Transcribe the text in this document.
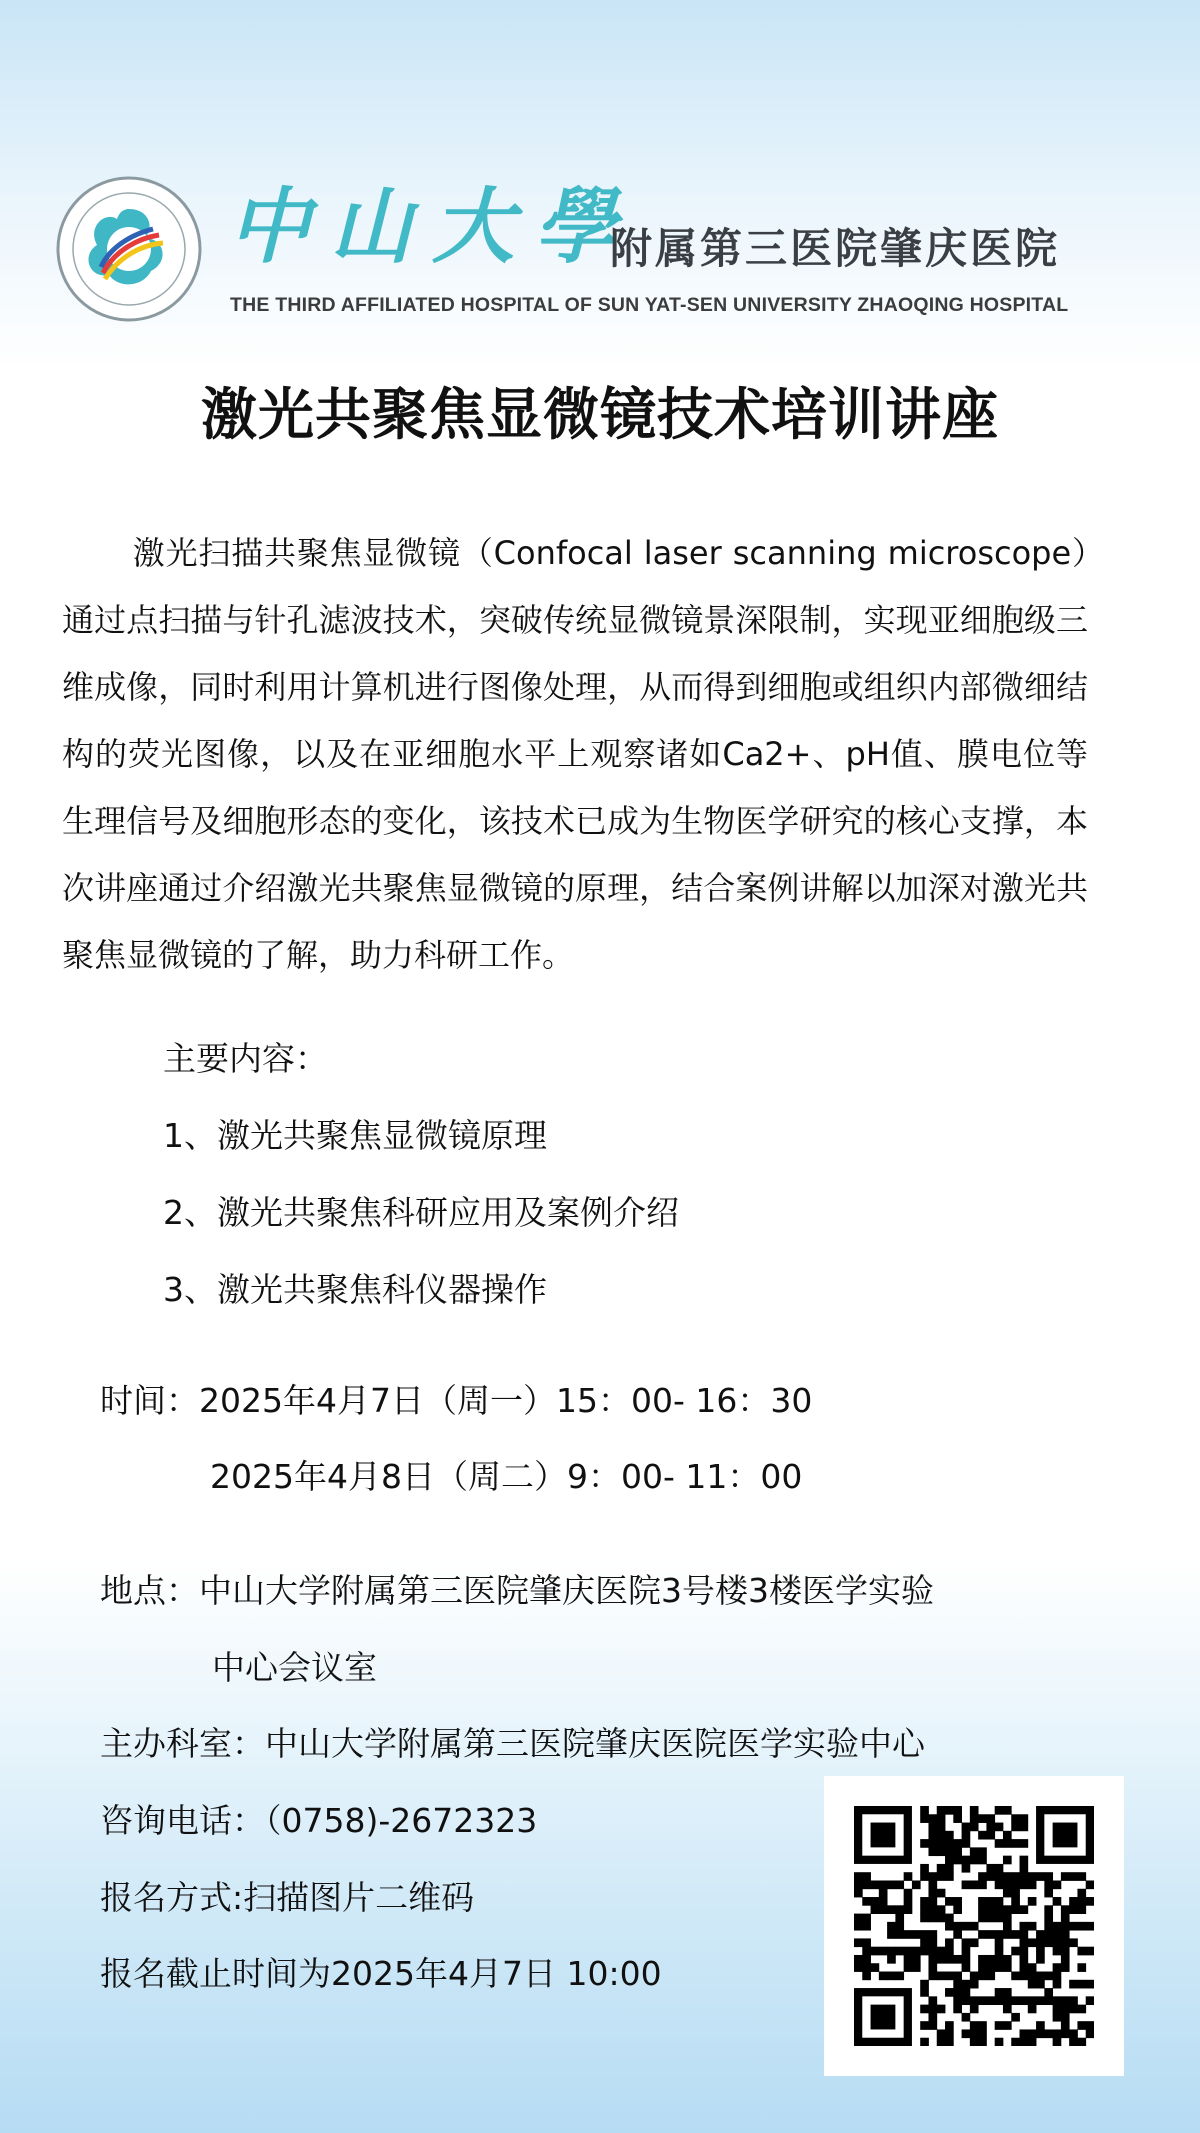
中山大學
附属第三医院肇庆医院
THE THIRD AFFILIATED HOSPITAL OF SUN YAT-SEN UNIVERSITY ZHAOQING HOSPITAL
激光共聚焦显微镜技术培训讲座
激光扫描共聚焦显微镜（Confocal laser scanning microscope）通过点扫描与针孔滤波技术，突破传统显微镜景深限制，实现亚细胞级三维成像，同时利用计算机进行图像处理，从而得到细胞或组织内部微细结构的荧光图像，以及在亚细胞水平上观察诸如Ca2+、pH值、膜电位等生理信号及细胞形态的变化，该技术已成为生物医学研究的核心支撑，本次讲座通过介绍激光共聚焦显微镜的原理，结合案例讲解以加深对激光共聚焦显微镜的了解，助力科研工作。
主要内容：
1、激光共聚焦显微镜原理
2、激光共聚焦科研应用及案例介绍
3、激光共聚焦科仪器操作
时间：2025年4月7日（周一）15：00- 16：30
2025年4月8日（周二）9：00- 11：00
地点：中山大学附属第三医院肇庆医院3号楼3楼医学实验
中心会议室
主办科室：中山大学附属第三医院肇庆医院医学实验中心
咨询电话：（0758)-2672323
报名方式:扫描图片二维码
报名截止时间为2025年4月7日 10:00
